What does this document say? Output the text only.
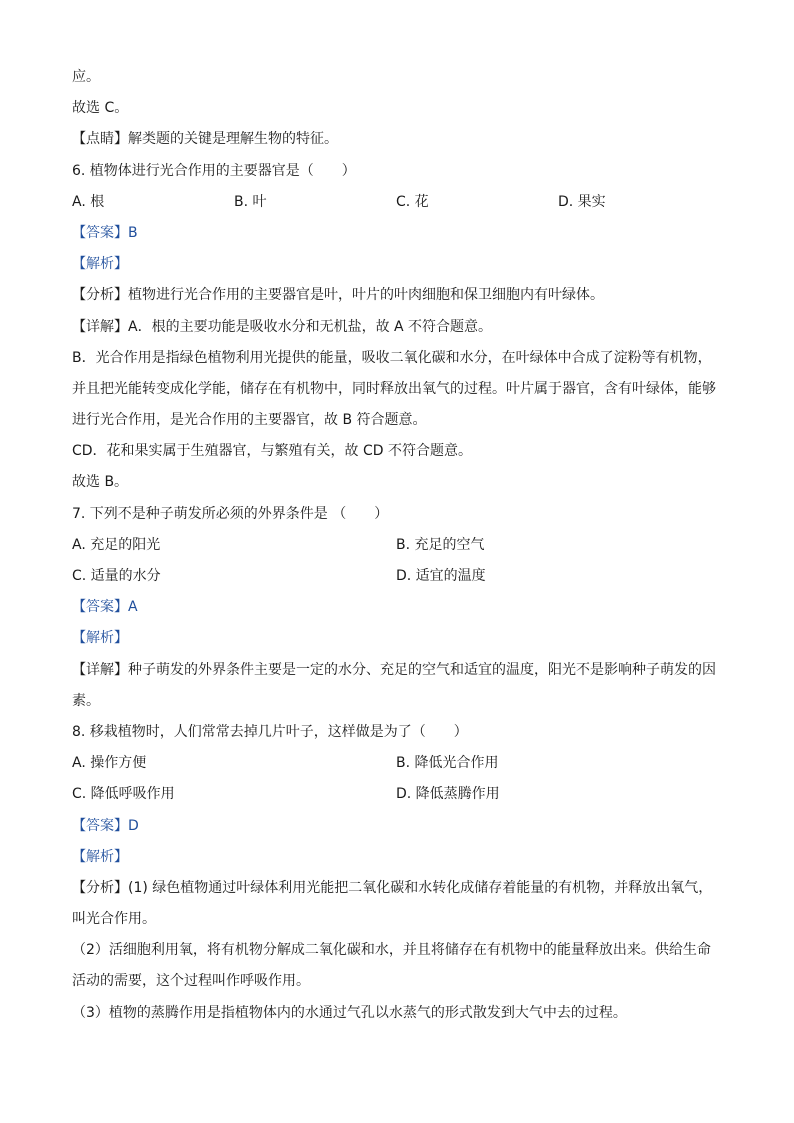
应。
故选 C。
【点睛】解类题的关键是理解生物的特征。
6. 植物体进行光合作用的主要器官是（　　）
A. 根	B. 叶	C. 花	D. 果实
【答案】B
【解析】
【分析】植物进行光合作用的主要器官是叶，叶片的叶肉细胞和保卫细胞内有叶绿体。
【详解】A．根的主要功能是吸收水分和无机盐，故 A 不符合题意。
B．光合作用是指绿色植物利用光提供的能量，吸收二氧化碳和水分，在叶绿体中合成了淀粉等有机物，
并且把光能转变成化学能，储存在有机物中，同时释放出氧气的过程。叶片属于器官，含有叶绿体，能够
进行光合作用，是光合作用的主要器官，故 B 符合题意。
CD．花和果实属于生殖器官，与繁殖有关，故 CD 不符合题意。
故选 B。
7. 下列不是种子萌发所必须的外界条件是 （　　）
A. 充足的阳光	B. 充足的空气
C. 适量的水分	D. 适宜的温度
【答案】A
【解析】
【详解】种子萌发的外界条件主要是一定的水分、充足的空气和适宜的温度，阳光不是影响种子萌发的因
素。
8. 移栽植物时，人们常常去掉几片叶子，这样做是为了（　　）
A. 操作方便	B. 降低光合作用
C. 降低呼吸作用	D. 降低蒸腾作用
【答案】D
【解析】
【分析】(1) 绿色植物通过叶绿体利用光能把二氧化碳和水转化成储存着能量的有机物，并释放出氧气，
叫光合作用。
（2）活细胞利用氧，将有机物分解成二氧化碳和水，并且将储存在有机物中的能量释放出来。供给生命
活动的需要，这个过程叫作呼吸作用。
（3）植物的蒸腾作用是指植物体内的水通过气孔以水蒸气的形式散发到大气中去的过程。
